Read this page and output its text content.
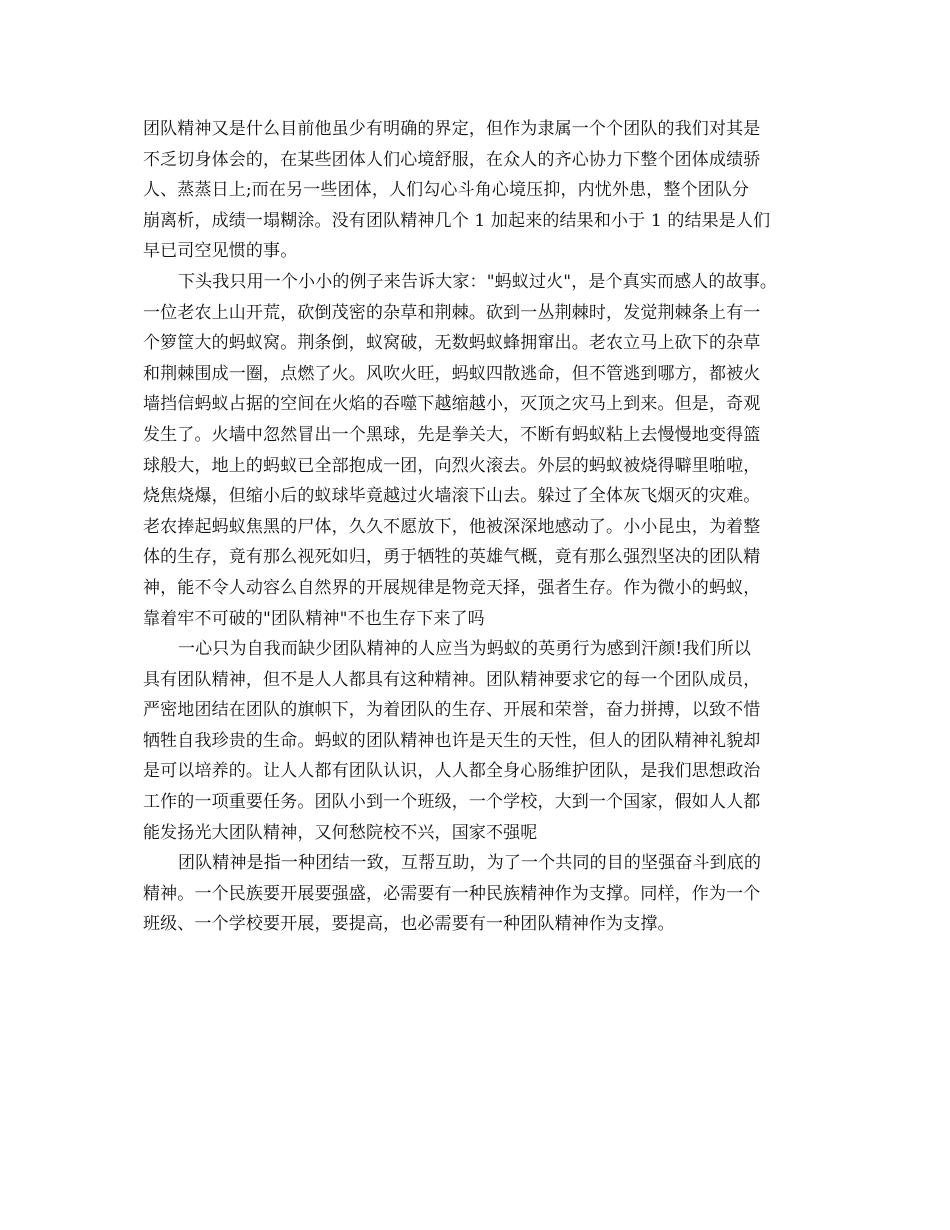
团队精神又是什么目前他虽少有明确的界定，但作为隶属一个个团队的我们对其是
不乏切身体会的，在某些团体人们心境舒服，在众人的齐心协力下整个团体成绩骄
人、蒸蒸日上;而在另一些团体，人们勾心斗角心境压抑，内忧外患，整个团队分
崩离析，成绩一塌糊涂。没有团队精神几个 1 加起来的结果和小于 1 的结果是人们
早已司空见惯的事。
下头我只用一个小小的例子来告诉大家："蚂蚁过火"，是个真实而感人的故事。
一位老农上山开荒，砍倒茂密的杂草和荆棘。砍到一丛荆棘时，发觉荆棘条上有一
个箩筐大的蚂蚁窝。荆条倒，蚁窝破，无数蚂蚁蜂拥窜出。老农立马上砍下的杂草
和荆棘围成一圈，点燃了火。风吹火旺，蚂蚁四散逃命，但不管逃到哪方，都被火
墙挡信蚂蚁占据的空间在火焰的吞噬下越缩越小，灭顶之灾马上到来。但是，奇观
发生了。火墙中忽然冒出一个黑球，先是拳关大，不断有蚂蚁粘上去慢慢地变得篮
球般大，地上的蚂蚁已全部抱成一团，向烈火滚去。外层的蚂蚁被烧得噼里啪啦，
烧焦烧爆，但缩小后的蚁球毕竟越过火墙滚下山去。躲过了全体灰飞烟灭的灾难。
老农捧起蚂蚁焦黑的尸体，久久不愿放下，他被深深地感动了。小小昆虫，为着整
体的生存，竟有那么视死如归，勇于牺牲的英雄气概，竟有那么强烈坚决的团队精
神，能不令人动容么自然界的开展规律是物竞天择，强者生存。作为微小的蚂蚁，
靠着牢不可破的"团队精神"不也生存下来了吗
一心只为自我而缺少团队精神的人应当为蚂蚁的英勇行为感到汗颜!我们所以
具有团队精神，但不是人人都具有这种精神。团队精神要求它的每一个团队成员，
严密地团结在团队的旗帜下，为着团队的生存、开展和荣誉，奋力拼搏，以致不惜
牺牲自我珍贵的生命。蚂蚁的团队精神也许是天生的天性，但人的团队精神礼貌却
是可以培养的。让人人都有团队认识，人人都全身心肠维护团队，是我们思想政治
工作的一项重要任务。团队小到一个班级，一个学校，大到一个国家，假如人人都
能发扬光大团队精神，又何愁院校不兴，国家不强呢
团队精神是指一种团结一致，互帮互助，为了一个共同的目的坚强奋斗到底的
精神。一个民族要开展要强盛，必需要有一种民族精神作为支撑。同样，作为一个
班级、一个学校要开展，要提高，也必需要有一种团队精神作为支撑。
